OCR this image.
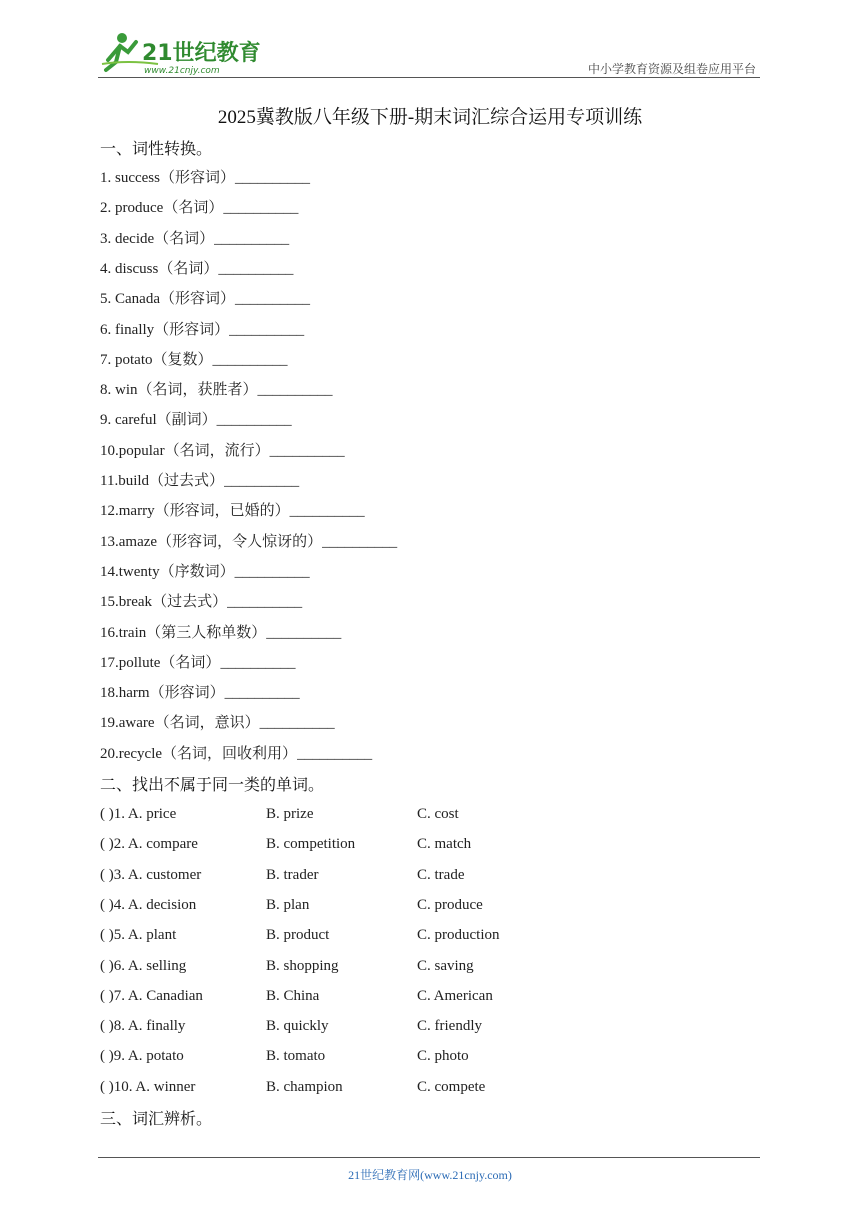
21世纪教育
www.21cnjy.com	中小学教育资源及组卷应用平台
2025冀教版八年级下册-期末词汇综合运用专项训练
一、词性转换。
1. success（形容词）__________
2. produce（名词）__________
3. decide（名词）__________
4. discuss（名词）__________
5. Canada（形容词）__________
6. finally（形容词）__________
7. potato（复数）__________
8. win（名词，获胜者）__________
9. careful（副词）__________
10.popular（名词，流行）__________
11.build（过去式）__________
12.marry（形容词，已婚的）__________
13.amaze（形容词，令人惊讶的）__________
14.twenty（序数词）__________
15.break（过去式）__________
16.train（第三人称单数）__________
17.pollute（名词）__________
18.harm（形容词）__________
19.aware（名词，意识）__________
20.recycle（名词，回收利用）__________
二、找出不属于同一类的单词。
( )1. A. price	B. prize	C. cost
( )2. A. compare	B. competition	C. match
( )3. A. customer	B. trader	C. trade
( )4. A. decision	B. plan	C. produce
( )5. A. plant	B. product	C. production
( )6. A. selling	B. shopping	C. saving
( )7. A. Canadian	B. China	C. American
( )8. A. finally	B. quickly	C. friendly
( )9. A. potato	B. tomato	C. photo
( )10. A. winner	B. champion	C. compete
三、词汇辨析。
21世纪教育网(www.21cnjy.com)
